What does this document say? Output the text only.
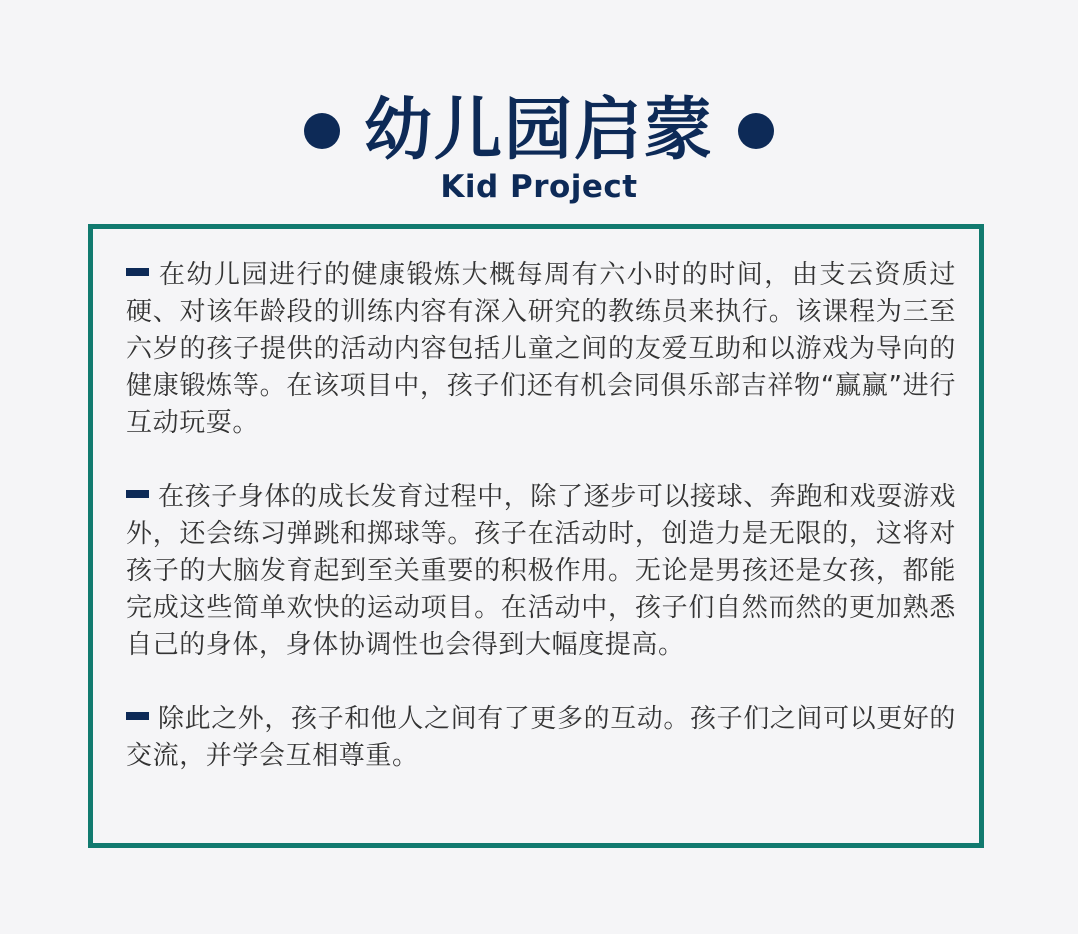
幼儿园启蒙
Kid Project

在幼儿园进行的健康锻炼大概每周有六小时的时间，由支云资质过硬、对该年龄段的训练内容有深入研究的教练员来执行。该课程为三至六岁的孩子提供的活动内容包括儿童之间的友爱互助和以游戏为导向的健康锻炼等。在该项目中，孩子们还有机会同俱乐部吉祥物“赢赢”进行互动玩耍。

在孩子身体的成长发育过程中，除了逐步可以接球、奔跑和戏耍游戏外，还会练习弹跳和掷球等。孩子在活动时，创造力是无限的，这将对孩子的大脑发育起到至关重要的积极作用。无论是男孩还是女孩，都能完成这些简单欢快的运动项目。在活动中，孩子们自然而然的更加熟悉自己的身体，身体协调性也会得到大幅度提高。

除此之外，孩子和他人之间有了更多的互动。孩子们之间可以更好的交流，并学会互相尊重。
